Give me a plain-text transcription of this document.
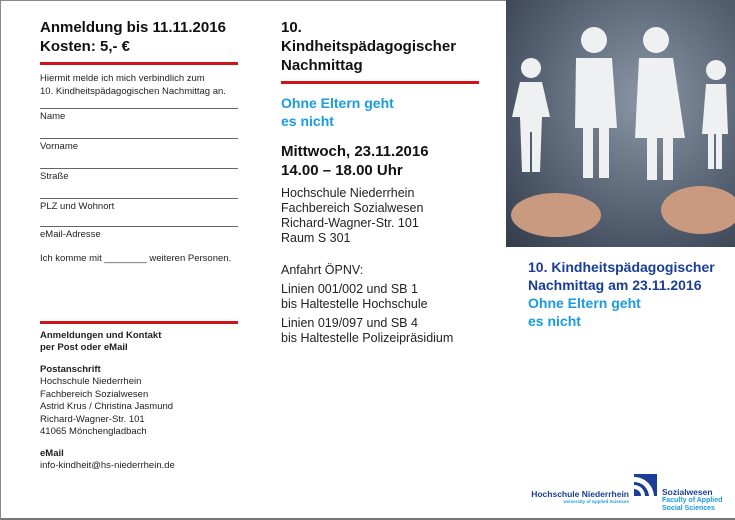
Anmeldung bis 11.11.2016
Kosten: 5,- €
Hiermit melde ich mich verbindlich zum
10. Kindheitspädagogischen Nachmittag an.
Name
Vorname
Straße
PLZ und Wohnort
eMail-Adresse
Ich komme mit ________ weiteren Personen.
Anmeldungen und Kontakt
per Post oder eMail
Postanschrift
Hochschule Niederrhein
Fachbereich Sozialwesen
Astrid Krus / Christina Jasmund
Richard-Wagner-Str. 101
41065 Mönchengladbach
eMail
info-kindheit@hs-niederrhein.de
10. Kindheitspädagogischer
Nachmittag
Ohne Eltern geht
es nicht
Mittwoch, 23.11.2016
14.00 – 18.00 Uhr
Hochschule Niederrhein
Fachbereich Sozialwesen
Richard-Wagner-Str. 101
Raum S 301
Anfahrt ÖPNV:
Linien 001/002 und SB 1
bis Haltestelle Hochschule
Linien 019/097 und SB 4
bis Haltestelle Polizeipräsidium
10. Kindheitspädagogischer
Nachmittag am 23.11.2016
Ohne Eltern geht
es nicht
Hochschule Niederrhein
University of Applied Sciences
Sozialwesen
Faculty of Applied Social Sciences
